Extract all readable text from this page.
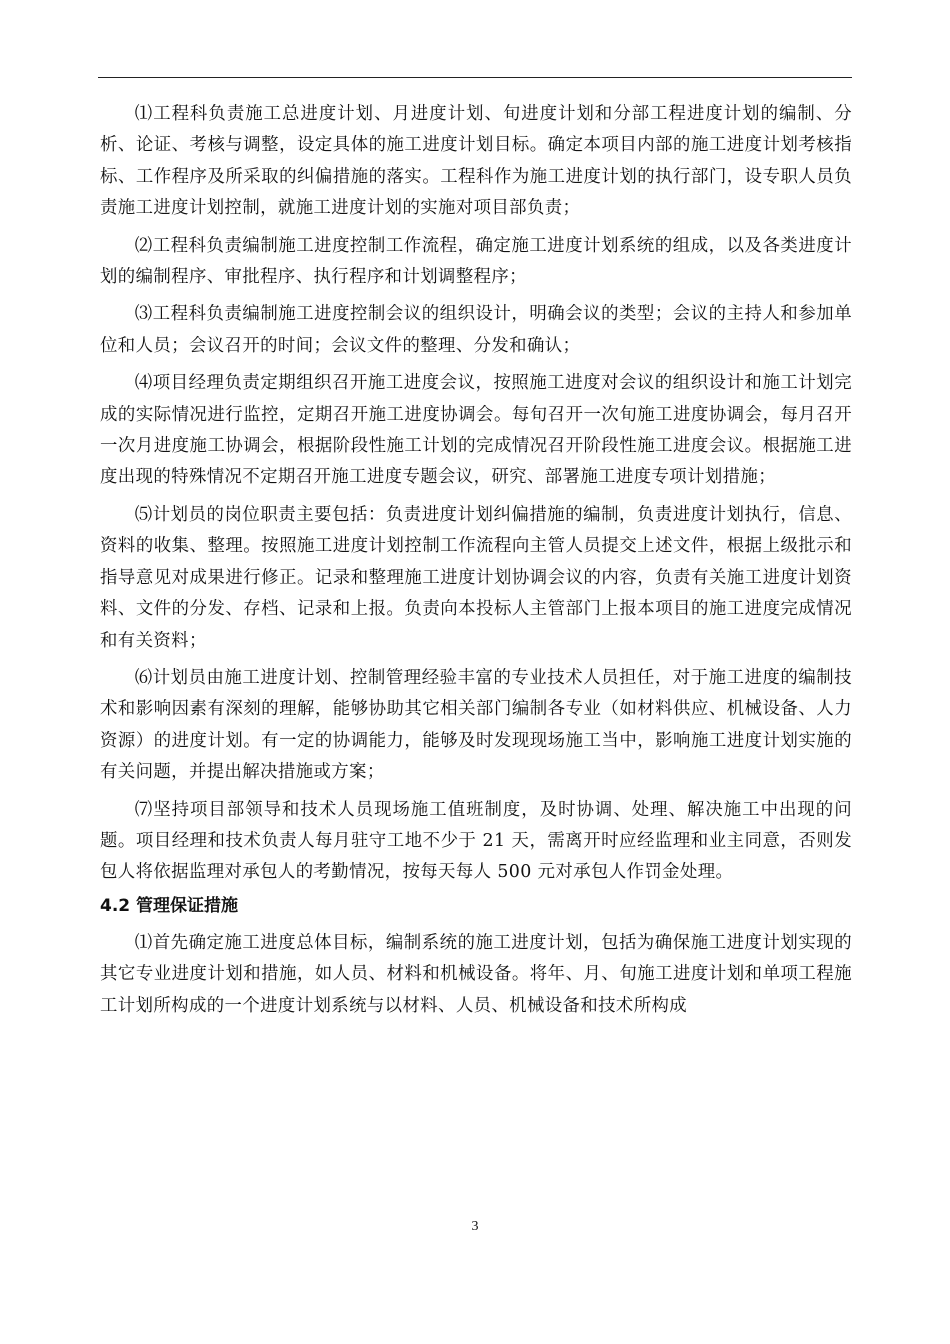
⑴工程科负责施工总进度计划、月进度计划、旬进度计划和分部工程进度计划的编制、分析、论证、考核与调整，设定具体的施工进度计划目标。确定本项目内部的施工进度计划考核指标、工作程序及所采取的纠偏措施的落实。工程科作为施工进度计划的执行部门，设专职人员负责施工进度计划控制，就施工进度计划的实施对项目部负责；

⑵工程科负责编制施工进度控制工作流程，确定施工进度计划系统的组成，以及各类进度计划的编制程序、审批程序、执行程序和计划调整程序；

⑶工程科负责编制施工进度控制会议的组织设计，明确会议的类型；会议的主持人和参加单位和人员；会议召开的时间；会议文件的整理、分发和确认；

⑷项目经理负责定期组织召开施工进度会议，按照施工进度对会议的组织设计和施工计划完成的实际情况进行监控，定期召开施工进度协调会。每旬召开一次旬施工进度协调会，每月召开一次月进度施工协调会，根据阶段性施工计划的完成情况召开阶段性施工进度会议。根据施工进度出现的特殊情况不定期召开施工进度专题会议，研究、部署施工进度专项计划措施；

⑸计划员的岗位职责主要包括：负责进度计划纠偏措施的编制，负责进度计划执行，信息、资料的收集、整理。按照施工进度计划控制工作流程向主管人员提交上述文件，根据上级批示和指导意见对成果进行修正。记录和整理施工进度计划协调会议的内容，负责有关施工进度计划资料、文件的分发、存档、记录和上报。负责向本投标人主管部门上报本项目的施工进度完成情况和有关资料；

⑹计划员由施工进度计划、控制管理经验丰富的专业技术人员担任，对于施工进度的编制技术和影响因素有深刻的理解，能够协助其它相关部门编制各专业（如材料供应、机械设备、人力资源）的进度计划。有一定的协调能力，能够及时发现现场施工当中，影响施工进度计划实施的有关问题，并提出解决措施或方案；

⑺坚持项目部领导和技术人员现场施工值班制度，及时协调、处理、解决施工中出现的问题。项目经理和技术负责人每月驻守工地不少于 21 天，需离开时应经监理和业主同意，否则发包人将依据监理对承包人的考勤情况，按每天每人 500 元对承包人作罚金处理。

4.2 管理保证措施

⑴首先确定施工进度总体目标，编制系统的施工进度计划，包括为确保施工进度计划实现的其它专业进度计划和措施，如人员、材料和机械设备。将年、月、旬施工进度计划和单项工程施工计划所构成的一个进度计划系统与以材料、人员、机械设备和技术所构成

3
